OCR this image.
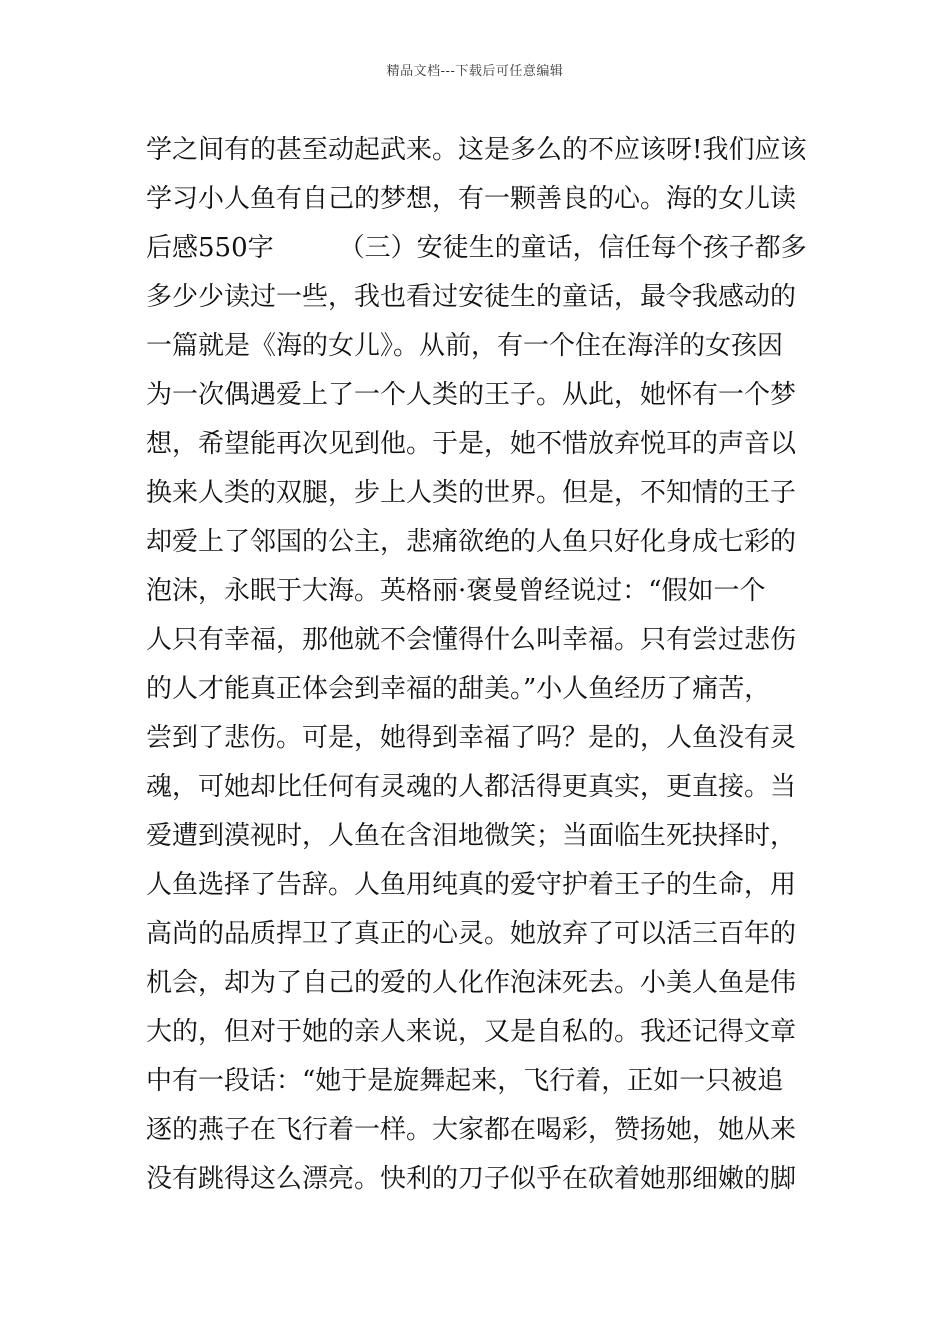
精品文档---下载后可任意编辑
学之间有的甚至动起武来。这是多么的不应该呀!我们应该
学习小人鱼有自己的梦想，有一颗善良的心。海的女儿读
后感550字　　　（三）安徒生的童话，信任每个孩子都多
多少少读过一些，我也看过安徒生的童话，最令我感动的
一篇就是《海的女儿》。从前，有一个住在海洋的女孩因
为一次偶遇爱上了一个人类的王子。从此，她怀有一个梦
想，希望能再次见到他。于是，她不惜放弃悦耳的声音以
换来人类的双腿，步上人类的世界。但是，不知情的王子
却爱上了邻国的公主，悲痛欲绝的人鱼只好化身成七彩的
泡沫，永眠于大海。英格丽·褒曼曾经说过：“假如一个
人只有幸福，那他就不会懂得什么叫幸福。只有尝过悲伤
的人才能真正体会到幸福的甜美。”小人鱼经历了痛苦，
尝到了悲伤。可是，她得到幸福了吗？是的，人鱼没有灵
魂，可她却比任何有灵魂的人都活得更真实，更直接。当
爱遭到漠视时，人鱼在含泪地微笑；当面临生死抉择时，
人鱼选择了告辞。人鱼用纯真的爱守护着王子的生命，用
高尚的品质捍卫了真正的心灵。她放弃了可以活三百年的
机会，却为了自己的爱的人化作泡沫死去。小美人鱼是伟
大的，但对于她的亲人来说，又是自私的。我还记得文章
中有一段话：“她于是旋舞起来，飞行着，正如一只被追
逐的燕子在飞行着一样。大家都在喝彩，赞扬她，她从来
没有跳得这么漂亮。快利的刀子似乎在砍着她那细嫩的脚
